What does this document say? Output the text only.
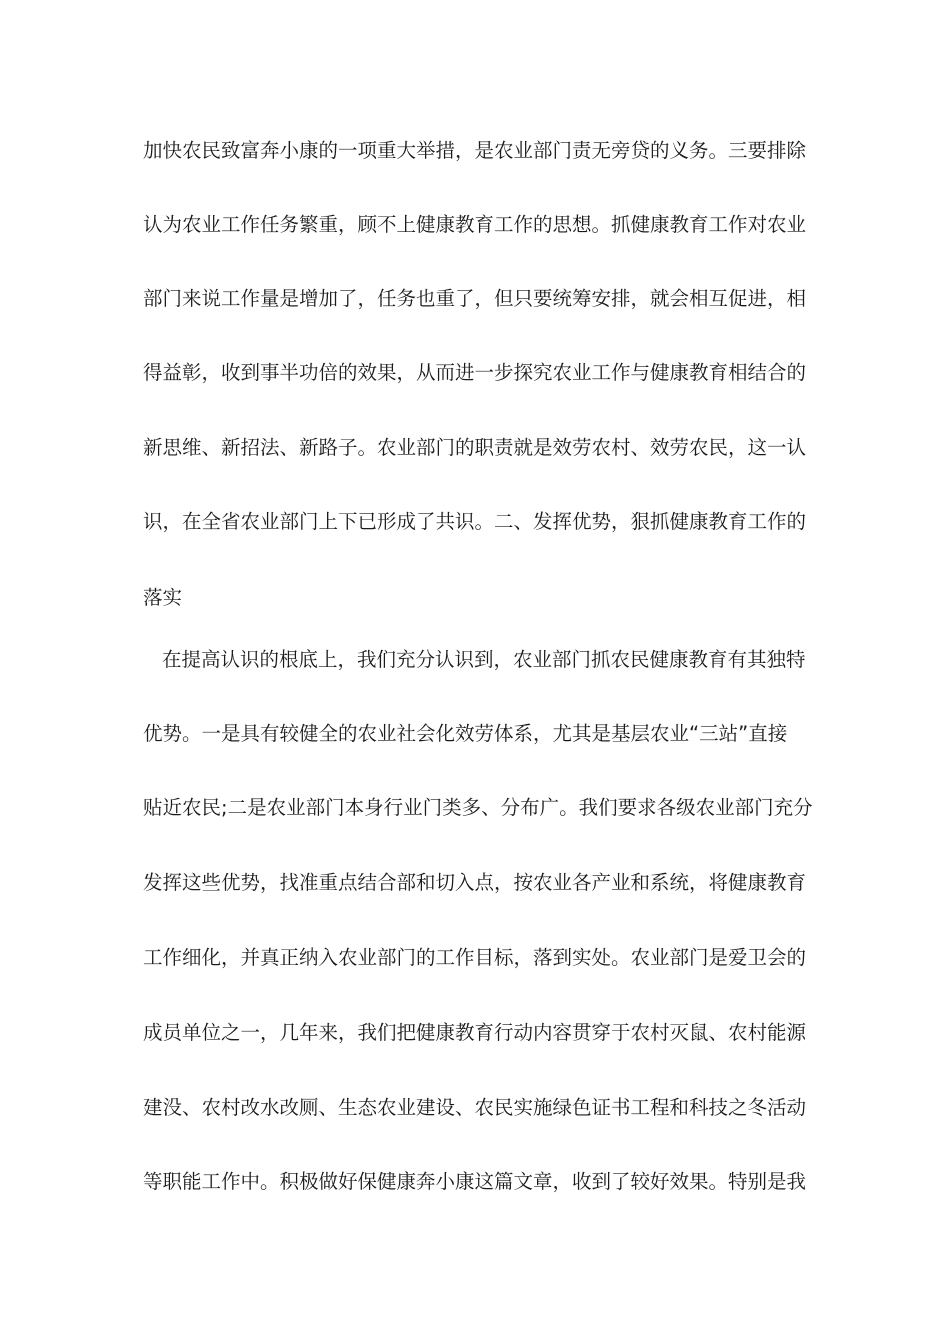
加快农民致富奔小康的一项重大举措，是农业部门责无旁贷的义务。三要排除
认为农业工作任务繁重，顾不上健康教育工作的思想。抓健康教育工作对农业
部门来说工作量是增加了，任务也重了，但只要统筹安排，就会相互促进，相
得益彰，收到事半功倍的效果，从而进一步探究农业工作与健康教育相结合的
新思维、新招法、新路子。农业部门的职责就是效劳农村、效劳农民，这一认
识，在全省农业部门上下已形成了共识。二、发挥优势，狠抓健康教育工作的
落实
在提高认识的根底上，我们充分认识到，农业部门抓农民健康教育有其独特
优势。一是具有较健全的农业社会化效劳体系，尤其是基层农业“三站”直接
贴近农民;二是农业部门本身行业门类多、分布广。我们要求各级农业部门充分
发挥这些优势，找准重点结合部和切入点，按农业各产业和系统，将健康教育
工作细化，并真正纳入农业部门的工作目标，落到实处。农业部门是爱卫会的
成员单位之一，几年来，我们把健康教育行动内容贯穿于农村灭鼠、农村能源
建没、农村改水改厕、生态农业建设、农民实施绿色证书工程和科技之冬活动
等职能工作中。积极做好保健康奔小康这篇文章，收到了较好效果。特别是我
